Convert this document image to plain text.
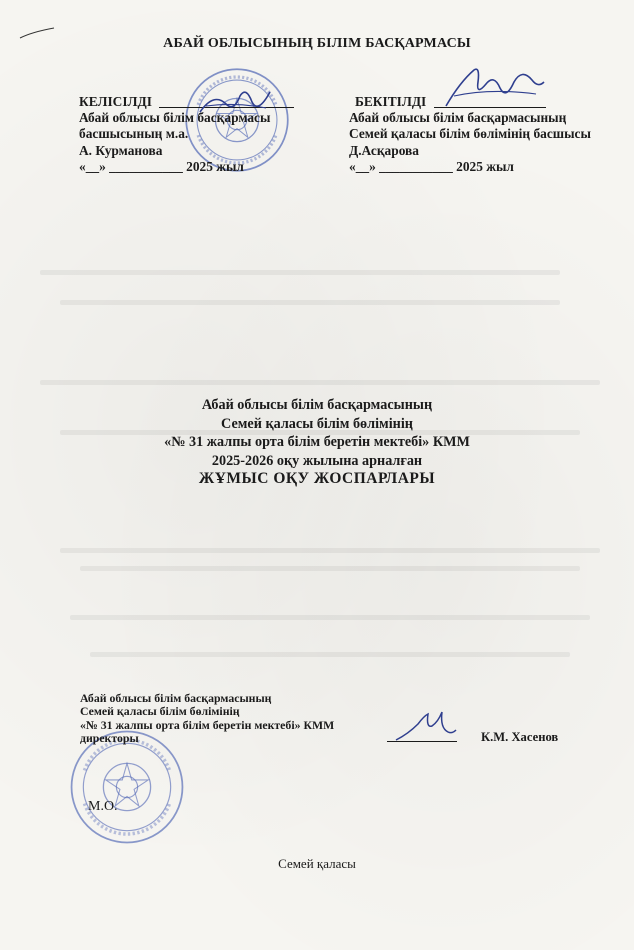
АБАЙ ОБЛЫСЫНЫҢ БІЛІМ БАСҚАРМАСЫ
КЕЛІСІЛДІ
Абай облысы білім басқармасы
басшысының м.а.
А. Курманова
«__» ___________ 2025 жыл
БЕКІТІЛДІ
Абай облысы білім басқармасының
Семей қаласы білім бөлімінің басшысы
Д.Асқарова
«__» ___________ 2025 жыл
Абай облысы білім басқармасының
Семей қаласы білім бөлімінің
«№ 31 жалпы орта білім беретін мектебі» КММ
2025-2026 оқу жылына арналған
ЖҰМЫС ОҚУ ЖОСПАРЛАРЫ
Абай облысы білім басқармасының
Семей қаласы білім бөлімінің
«№ 31 жалпы орта білім беретін мектебі» КММ
директоры	К.М. Хасенов
М.О.
Семей қаласы
